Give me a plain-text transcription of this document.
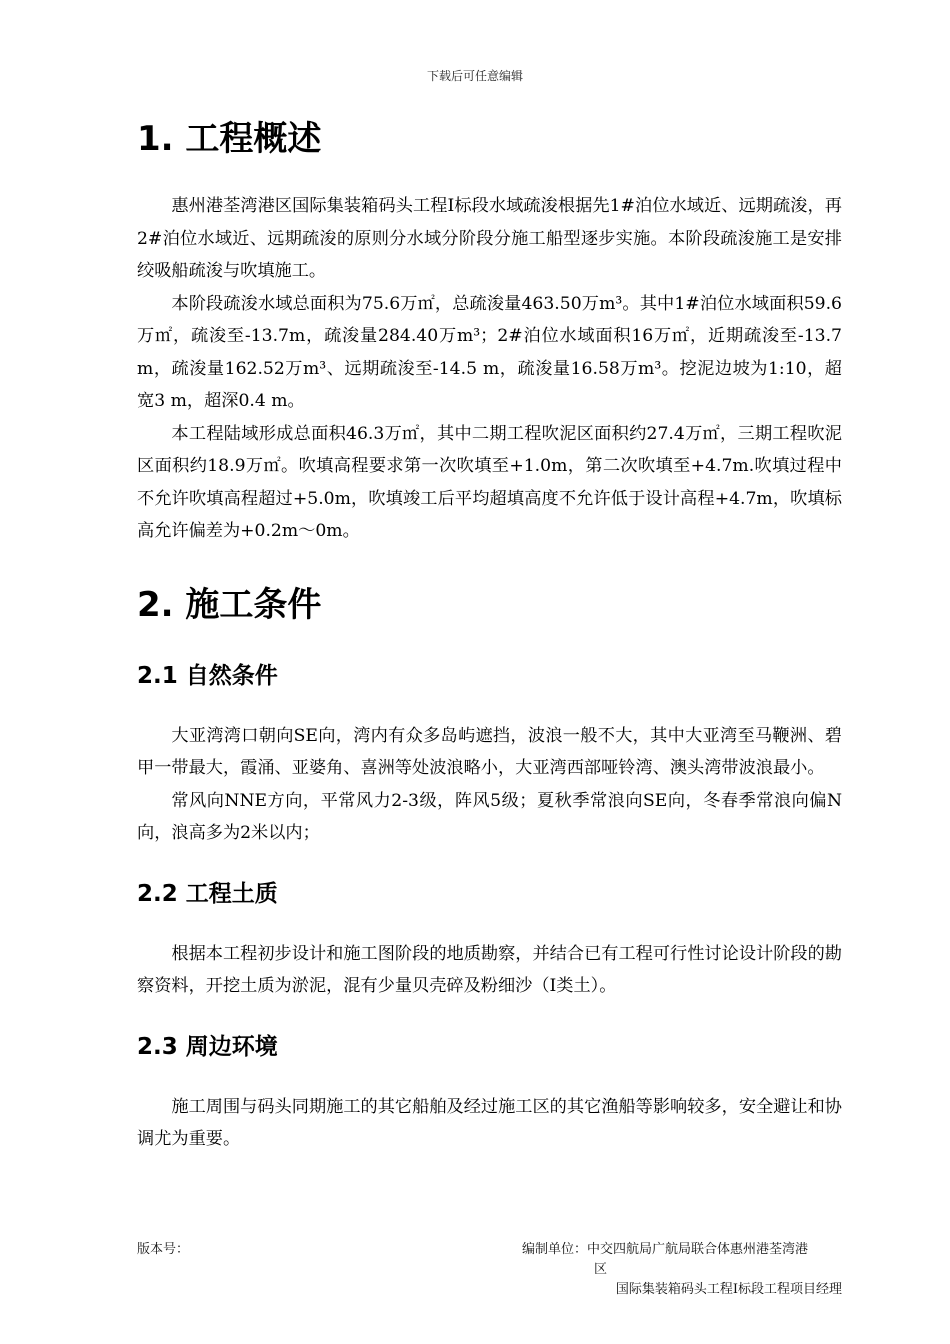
下载后可任意编辑
1. 工程概述

惠州港荃湾港区国际集装箱码头工程Ⅰ标段水域疏浚根据先1#泊位水域近、远期疏浚，再2#泊位水域近、远期疏浚的原则分水域分阶段分施工船型逐步实施。本阶段疏浚施工是安排绞吸船疏浚与吹填施工。

本阶段疏浚水域总面积为75.6万㎡，总疏浚量463.50万m³。其中1#泊位水域面积59.6万㎡，疏浚至-13.7m，疏浚量284.40万m³；2#泊位水域面积16万㎡，近期疏浚至-13.7 m，疏浚量162.52万m³、远期疏浚至-14.5 m，疏浚量16.58万m³。挖泥边坡为1:10，超宽3 m，超深0.4 m。

本工程陆域形成总面积46.3万㎡，其中二期工程吹泥区面积约27.4万㎡，三期工程吹泥区面积约18.9万㎡。吹填高程要求第一次吹填至+1.0m，第二次吹填至+4.7m.吹填过程中不允许吹填高程超过+5.0m，吹填竣工后平均超填高度不允许低于设计高程+4.7m，吹填标高允许偏差为+0.2m～0m。

2. 施工条件
2.1 自然条件

大亚湾湾口朝向SE向，湾内有众多岛屿遮挡，波浪一般不大，其中大亚湾至马鞭洲、碧甲一带最大，霞涌、亚婆角、喜洲等处波浪略小，大亚湾西部哑铃湾、澳头湾带波浪最小。

常风向NNE方向，平常风力2-3级，阵风5级；夏秋季常浪向SE向，冬春季常浪向偏N向，浪高多为2米以内；

2.2 工程土质

根据本工程初步设计和施工图阶段的地质勘察，并结合已有工程可行性讨论设计阶段的勘察资料，开挖土质为淤泥，混有少量贝壳碎及粉细沙（Ⅰ类土）。

2.3 周边环境

施工周围与码头同期施工的其它船舶及经过施工区的其它渔船等影响较多，安全避让和协调尤为重要。

版本号：	编制单位：中交四航局广航局联合体惠州港荃湾港
区
国际集装箱码头工程Ⅰ标段工程项目经理
